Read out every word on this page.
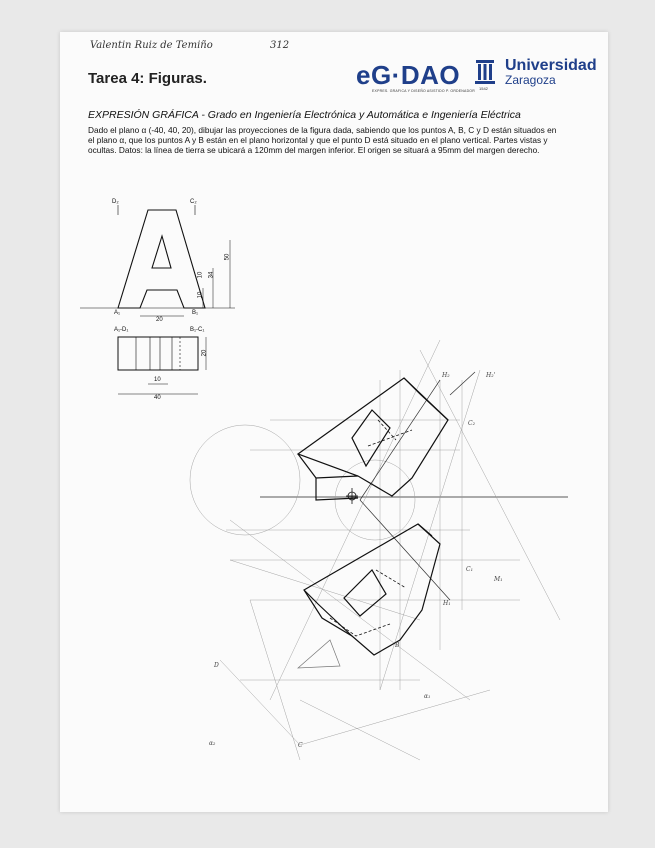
Valentin Ruiz de Temiño	312
Tarea 4: Figuras.	eG·DAO
EXPRES. GRAFICA Y DISEÑO ASISTIDO P. ORDENADOR
Universidad
Zaragoza
1542
EXPRESIÓN GRÁFICA - Grado en Ingeniería Electrónica y Automática e Ingeniería Eléctrica
Dado el plano α (-40, 40, 20), dibujar las proyecciones de la figura dada, sabiendo que los puntos A, B, C y D están situados en el plano α, que los puntos A y B están en el plano horizontal y que el punto D está situado en el plano vertical. Partes vistas y ocultas. Datos: la línea de tierra se ubicará a 120mm del margen inferior. El origen se situará a 95mm del margen derecho.
D₂	C₂
A₁	B₁
A₁-D₁	B₁-C₁
20
10
34
10
50
20
10
40
H₂	H₂'
C₂
C₁
H₁
M₁
D
B
C
α₁
α₂
